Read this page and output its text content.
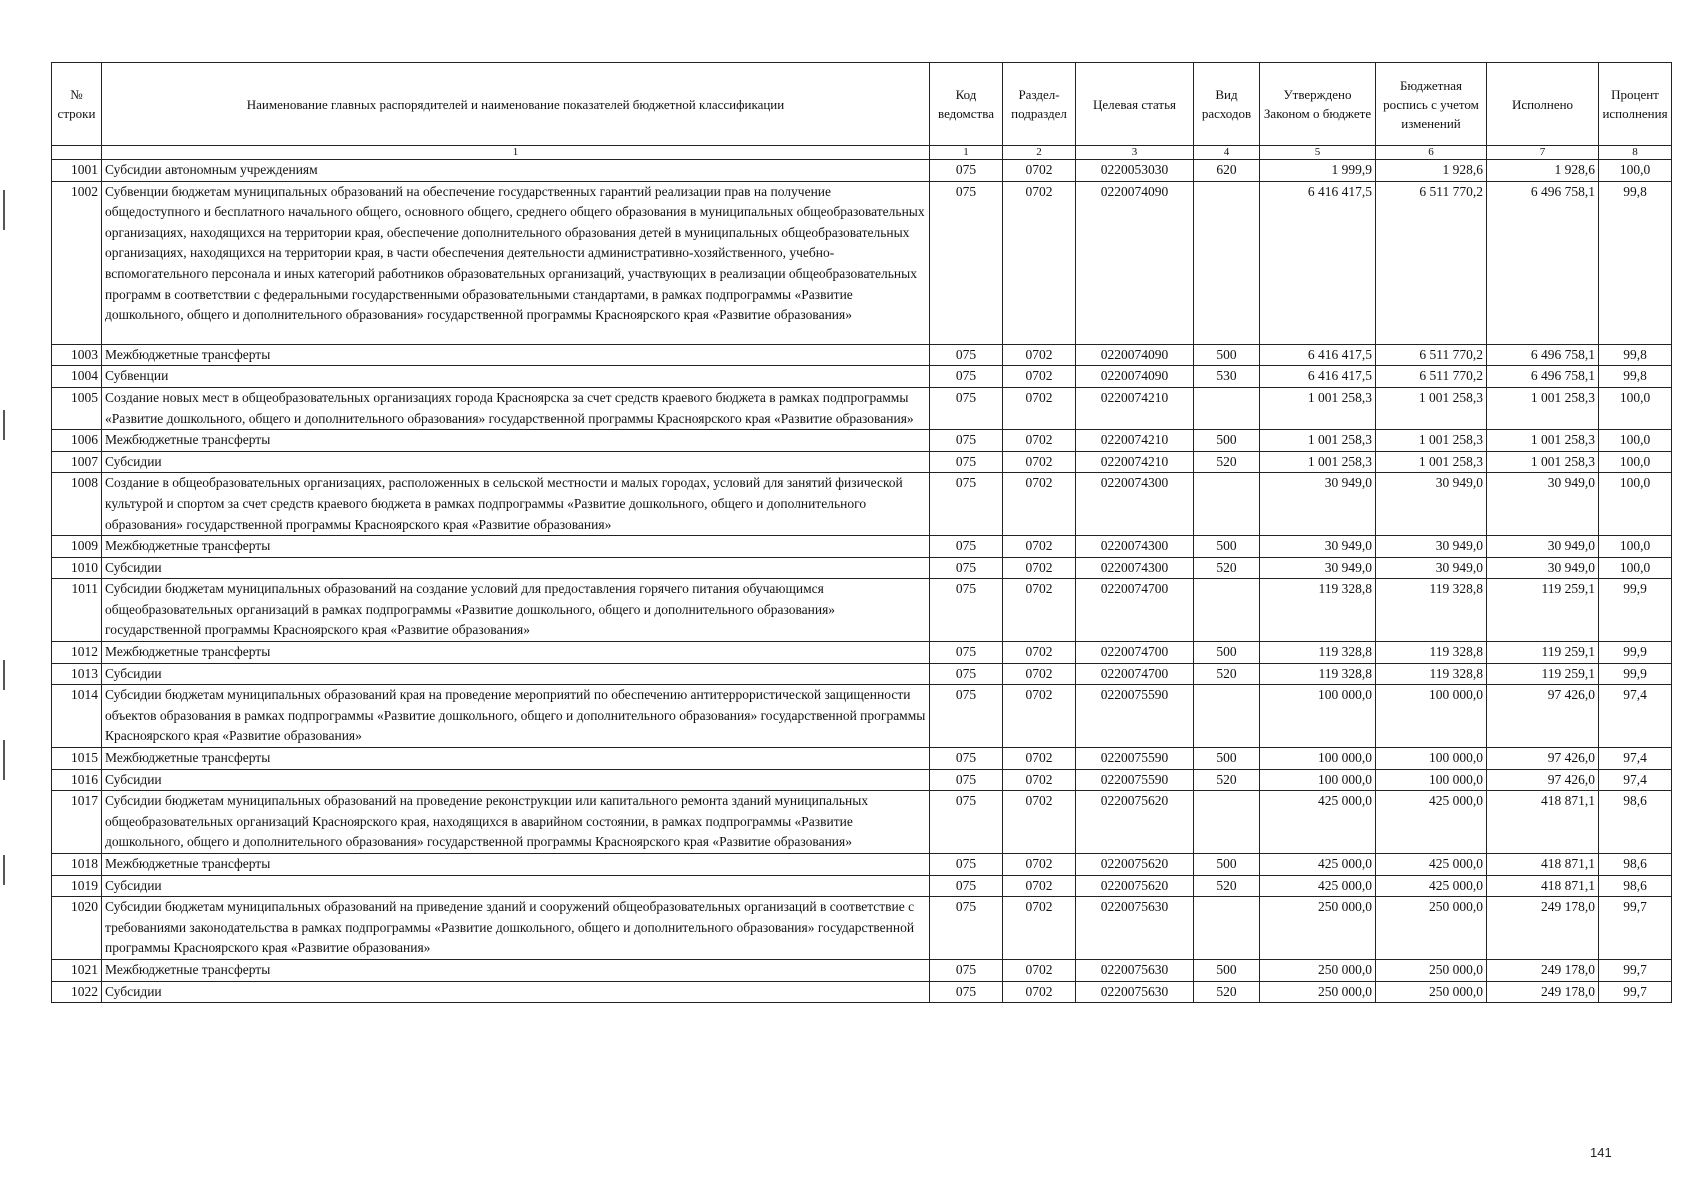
№ строки	Наименование главных распорядителей и наименование показателей бюджетной классификации	Код ведомства	Раздел-подраздел	Целевая статья	Вид расходов	Утверждено Законом о бюджете	Бюджетная роспись с учетом изменений	Исполнено	Процент исполнения
	1	1	2	3	4	5	6	7	8
1001	Субсидии автономным учреждениям	075	0702	0220053030	620	1 999,9	1 928,6	1 928,6	100,0
1002	Субвенции бюджетам муниципальных образований на обеспечение государственных гарантий реализации прав на получение общедоступного и бесплатного начального общего, основного общего, среднего общего образования в муниципальных общеобразовательных организациях, находящихся на территории края, обеспечение дополнительного образования детей в муниципальных общеобразовательных организациях, находящихся на территории края, в части обеспечения деятельности административно-хозяйственного, учебно-вспомогательного персонала и иных категорий работников образовательных организаций, участвующих в реализации общеобразовательных программ в соответствии с федеральными государственными образовательными стандартами, в рамках подпрограммы «Развитие дошкольного, общего и дополнительного образования» государственной программы Красноярского края «Развитие образования»	075	0702	0220074090		6 416 417,5	6 511 770,2	6 496 758,1	99,8
1003	Межбюджетные трансферты	075	0702	0220074090	500	6 416 417,5	6 511 770,2	6 496 758,1	99,8
1004	Субвенции	075	0702	0220074090	530	6 416 417,5	6 511 770,2	6 496 758,1	99,8
1005	Создание новых мест в общеобразовательных организациях города Красноярска за счет средств краевого бюджета в рамках подпрограммы «Развитие дошкольного, общего и дополнительного образования» государственной программы Красноярского края «Развитие образования»	075	0702	0220074210		1 001 258,3	1 001 258,3	1 001 258,3	100,0
1006	Межбюджетные трансферты	075	0702	0220074210	500	1 001 258,3	1 001 258,3	1 001 258,3	100,0
1007	Субсидии	075	0702	0220074210	520	1 001 258,3	1 001 258,3	1 001 258,3	100,0
1008	Создание в общеобразовательных организациях, расположенных в сельской местности и малых городах, условий для занятий физической культурой и спортом за счет средств краевого бюджета в рамках подпрограммы «Развитие дошкольного, общего и дополнительного образования» государственной программы Красноярского края «Развитие образования»	075	0702	0220074300		30 949,0	30 949,0	30 949,0	100,0
1009	Межбюджетные трансферты	075	0702	0220074300	500	30 949,0	30 949,0	30 949,0	100,0
1010	Субсидии	075	0702	0220074300	520	30 949,0	30 949,0	30 949,0	100,0
1011	Субсидии бюджетам муниципальных образований на создание условий для предоставления горячего питания обучающимся общеобразовательных организаций в рамках подпрограммы «Развитие дошкольного, общего и дополнительного образования» государственной программы Красноярского края «Развитие образования»	075	0702	0220074700		119 328,8	119 328,8	119 259,1	99,9
1012	Межбюджетные трансферты	075	0702	0220074700	500	119 328,8	119 328,8	119 259,1	99,9
1013	Субсидии	075	0702	0220074700	520	119 328,8	119 328,8	119 259,1	99,9
1014	Субсидии бюджетам муниципальных образований края на проведение мероприятий по обеспечению антитеррористической защищенности объектов образования в рамках подпрограммы «Развитие дошкольного, общего и дополнительного образования» государственной программы Красноярского края «Развитие образования»	075	0702	0220075590		100 000,0	100 000,0	97 426,0	97,4
1015	Межбюджетные трансферты	075	0702	0220075590	500	100 000,0	100 000,0	97 426,0	97,4
1016	Субсидии	075	0702	0220075590	520	100 000,0	100 000,0	97 426,0	97,4
1017	Субсидии бюджетам муниципальных образований на проведение реконструкции или капитального ремонта зданий муниципальных общеобразовательных организаций Красноярского края, находящихся в аварийном состоянии, в рамках подпрограммы «Развитие дошкольного, общего и дополнительного образования» государственной программы Красноярского края «Развитие образования»	075	0702	0220075620		425 000,0	425 000,0	418 871,1	98,6
1018	Межбюджетные трансферты	075	0702	0220075620	500	425 000,0	425 000,0	418 871,1	98,6
1019	Субсидии	075	0702	0220075620	520	425 000,0	425 000,0	418 871,1	98,6
1020	Субсидии бюджетам муниципальных образований на приведение зданий и сооружений общеобразовательных организаций в соответствие с требованиями законодательства в рамках подпрограммы «Развитие дошкольного, общего и дополнительного образования» государственной программы Красноярского края «Развитие образования»	075	0702	0220075630		250 000,0	250 000,0	249 178,0	99,7
1021	Межбюджетные трансферты	075	0702	0220075630	500	250 000,0	250 000,0	249 178,0	99,7
1022	Субсидии	075	0702	0220075630	520	250 000,0	250 000,0	249 178,0	99,7
141
